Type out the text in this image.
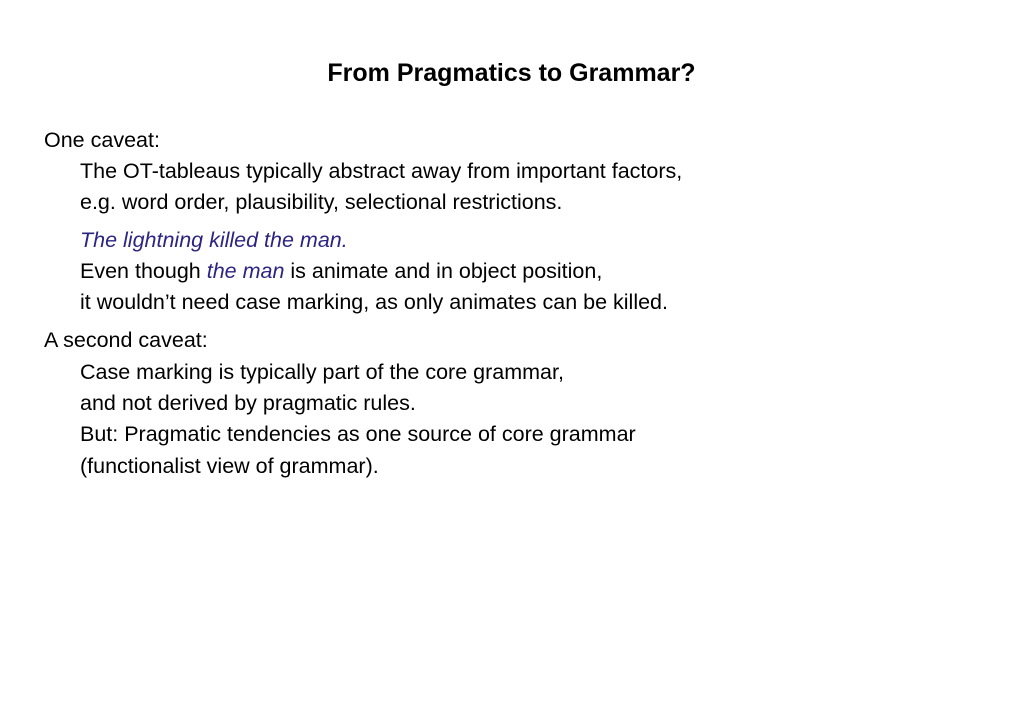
From Pragmatics to Grammar?
One caveat:
The OT-tableaus typically abstract away from important factors,
e.g. word order, plausibility, selectional restrictions.
The lightning killed the man.
Even though the man is animate and in object position,
it wouldn’t need case marking, as only animates can be killed.
A second caveat:
Case marking is typically part of the core grammar,
and not derived by pragmatic rules.
But: Pragmatic tendencies as one source of core grammar
(functionalist view of grammar).
